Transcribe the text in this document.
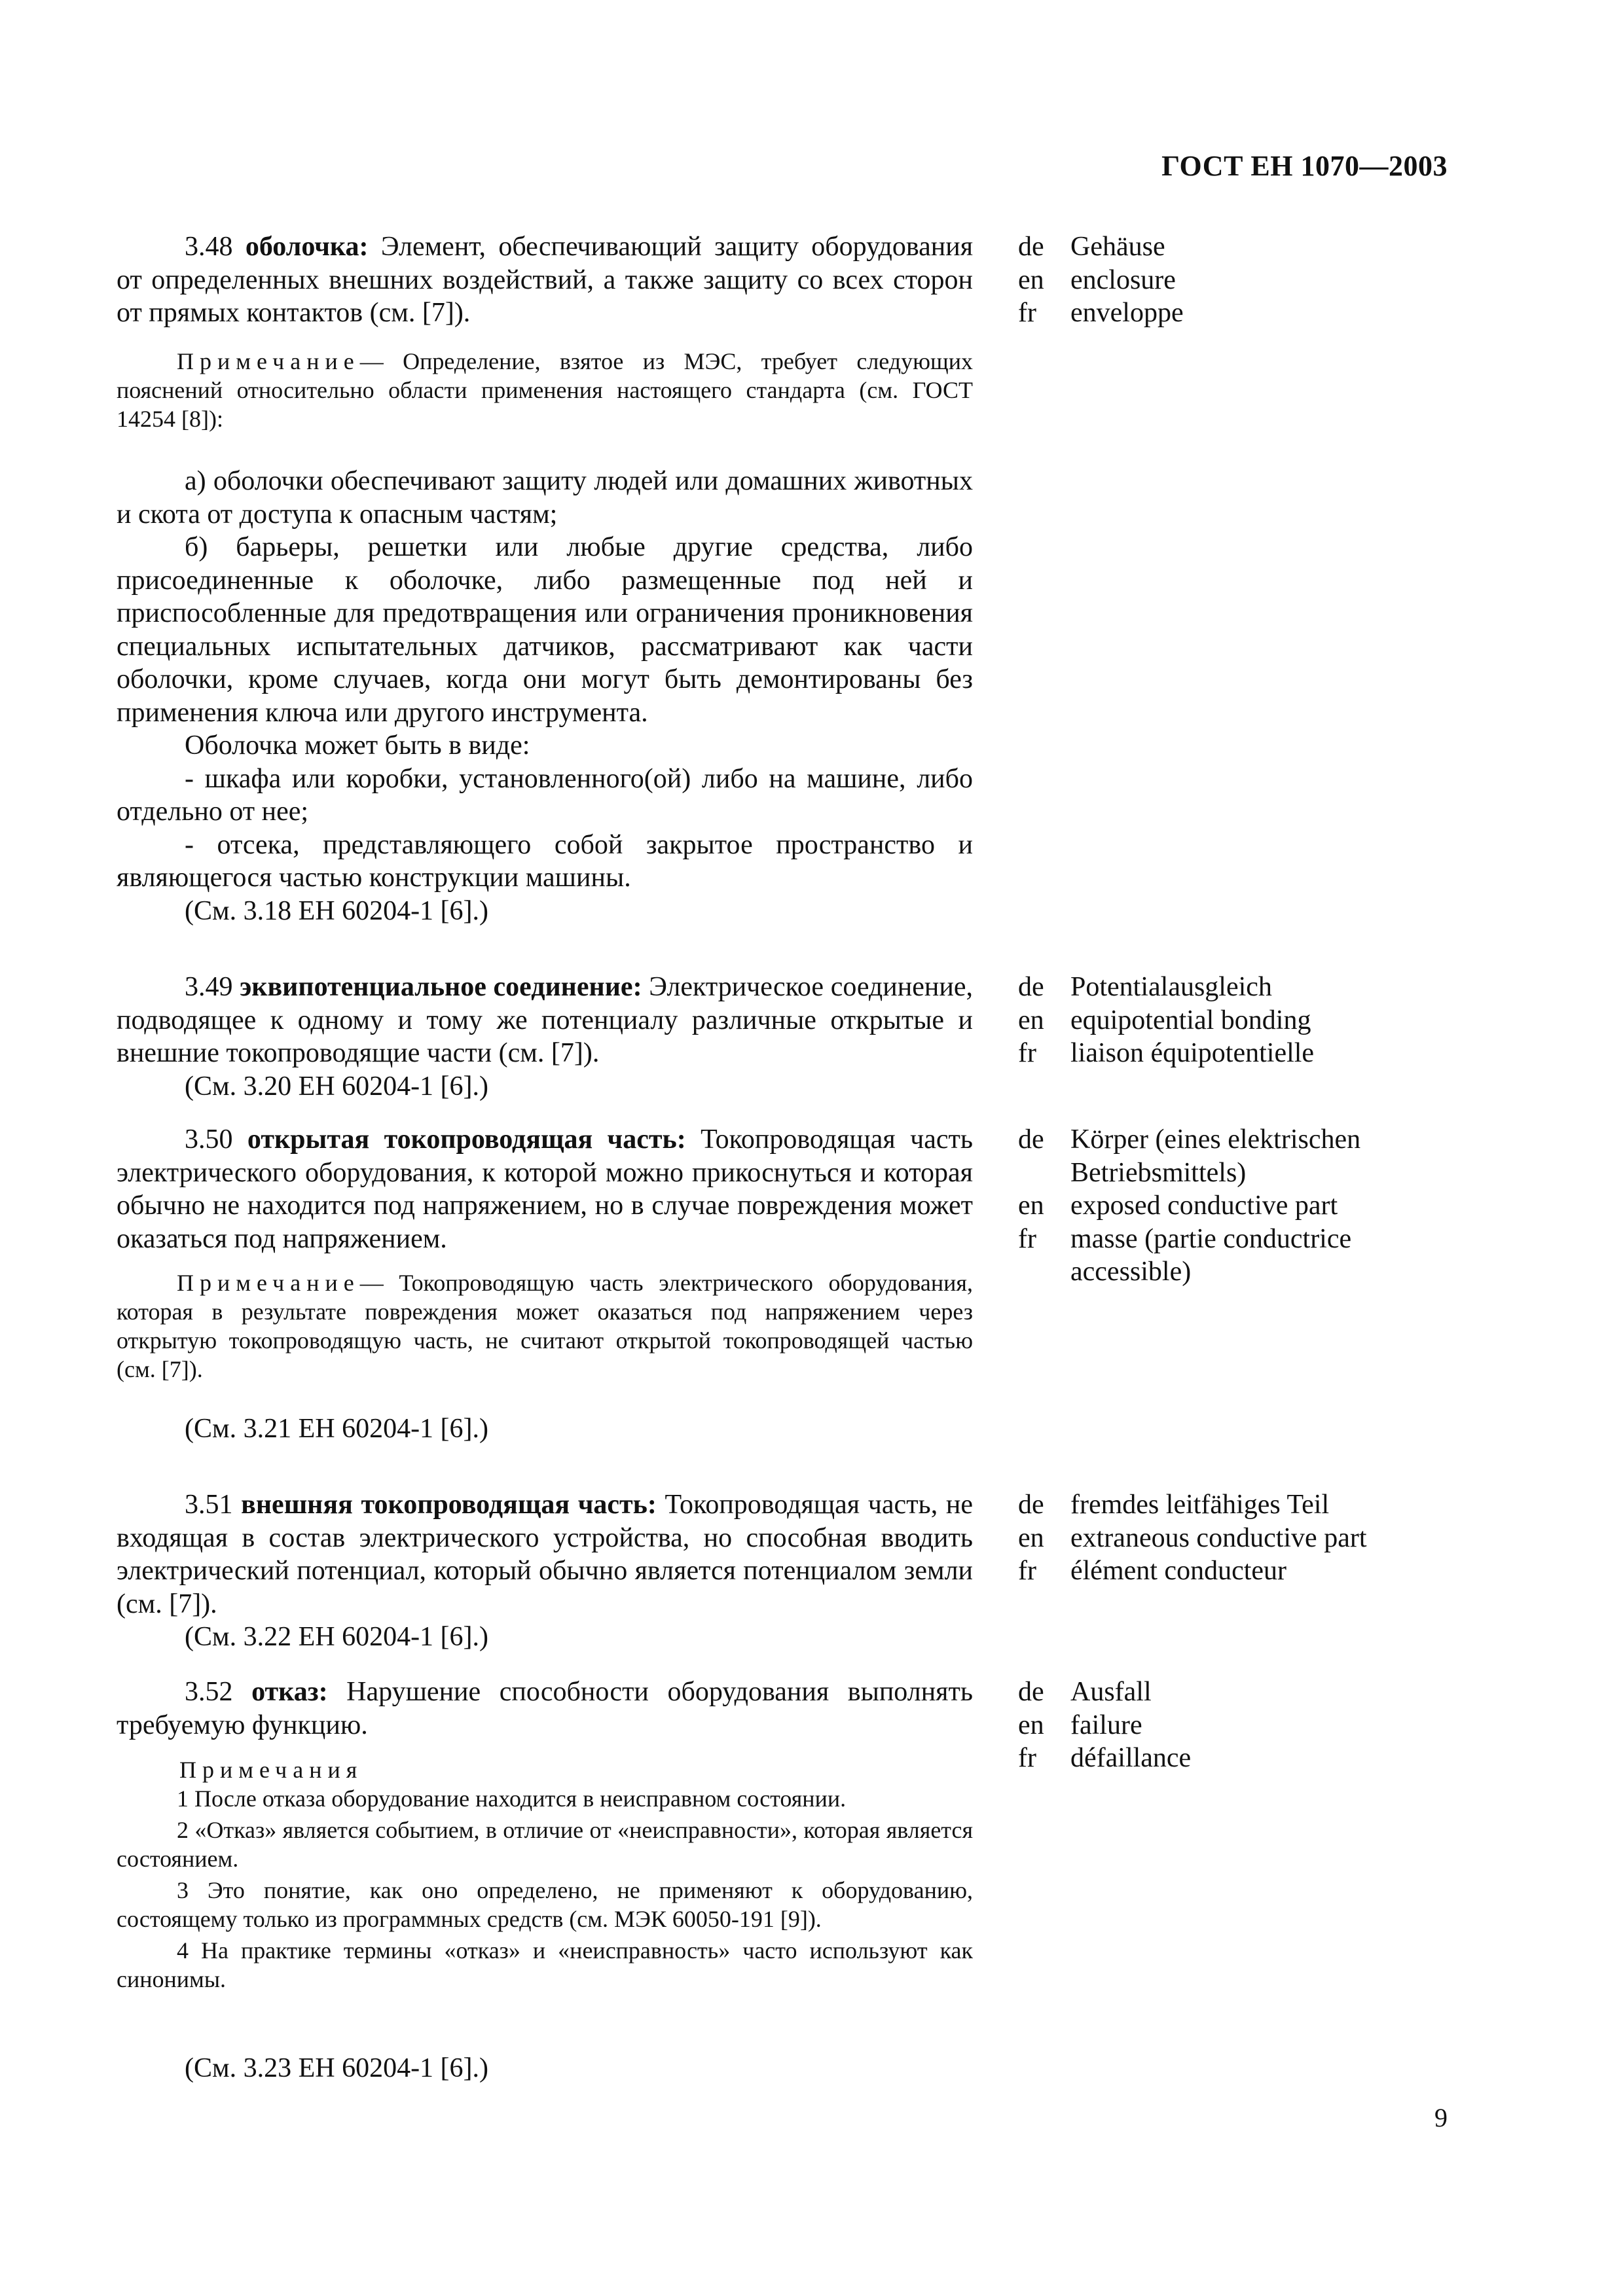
ГОСТ ЕН 1070—2003

3.48 оболочка: Элемент, обеспечивающий защиту оборудования от определенных внешних воздействий, а также защиту со всех сторон от прямых контактов (см. [7]).

Примечание— Определение, взятое из МЭС, требует следующих пояснений относительно области применения настоящего стандарта (см. ГОСТ 14254 [8]):

а) оболочки обеспечивают защиту людей или домашних животных и скота от доступа к опасным частям;

б) барьеры, решетки или любые другие средства, либо присоединенные к оболочке, либо размещенные под ней и приспособленные для предотвращения или ограничения проникновения специальных испытательных датчиков, рассматривают как части оболочки, кроме случаев, когда они могут быть демонтированы без применения ключа или другого инструмента.

Оболочка может быть в виде:

- шкафа или коробки, установленного(ой) либо на машине, либо отдельно от нее;

- отсека, представляющего собой закрытое пространство и являющегося частью конструкции машины.

(См. 3.18 ЕН 60204-1 [6].)

de Gehäuse
en enclosure
fr	enveloppe

3.49 эквипотенциальное соединение: Электрическое соединение, подводящее к одному и тому же потенциалу различные открытые и внешние токопроводящие части (см. [7]).

(См. 3.20 ЕН 60204-1 [6].)

de Potentialausgleich
en equipotential bonding
fr	liaison équipotentielle

3.50 открытая токопроводящая часть: Токопроводящая часть электрического оборудования, к которой можно прикоснуться и которая обычно не находится под напряжением, но в случае повреждения может оказаться под напряжением.

Примечание— Токопроводящую часть электрического оборудования, которая в результате повреждения может оказаться под напряжением через открытую токопроводящую часть, не считают открытой токопроводящей частью (см. [7]).

(См. 3.21 ЕН 60204-1 [6].)

de Körper (eines elektrischen Betriebsmittels)
en exposed conductive part
fr	masse (partie conductrice accessible)

3.51 внешняя токопроводящая часть: Токопроводящая часть, не входящая в состав электрического устройства, но способная вводить электрический потенциал, который обычно является потенциалом земли (см. [7]).

(См. 3.22 ЕН 60204-1 [6].)

de fremdes leitfähiges Teil
en extraneous conductive part
fr	élément conducteur

3.52 отказ: Нарушение способности оборудования выполнять требуемую функцию.

Примечания

1 После отказа оборудование находится в неисправном состоянии.

2 «Отказ» является событием, в отличие от «неисправности», которая является состоянием.

3 Это понятие, как оно определено, не применяют к оборудованию, состоящему только из программных средств (см. МЭК 60050-191 [9]).

4 На практике термины «отказ» и «неисправность» часто используют как синонимы.

(См. 3.23 ЕН 60204-1 [6].)

de Ausfall
en failure
fr	défaillance
9
